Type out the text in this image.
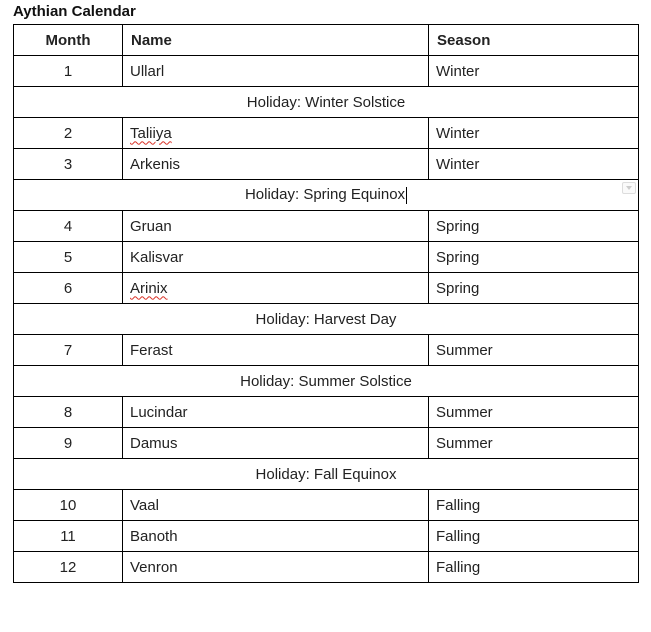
Aythian Calendar
Month	Name	Season
1	Ullarl	Winter
Holiday: Winter Solstice		
2	Taliiya	Winter
3	Arkenis	Winter
Holiday: Spring Equinox		

4	Gruan	Spring
5	Kalisvar	Spring
6	Arinix	Spring
Holiday: Harvest Day		
7	Ferast	Summer
Holiday: Summer Solstice		
8	Lucindar	Summer
9	Damus	Summer
Holiday: Fall Equinox		
10	Vaal	Falling
11	Banoth	Falling
12	Venron	Falling
